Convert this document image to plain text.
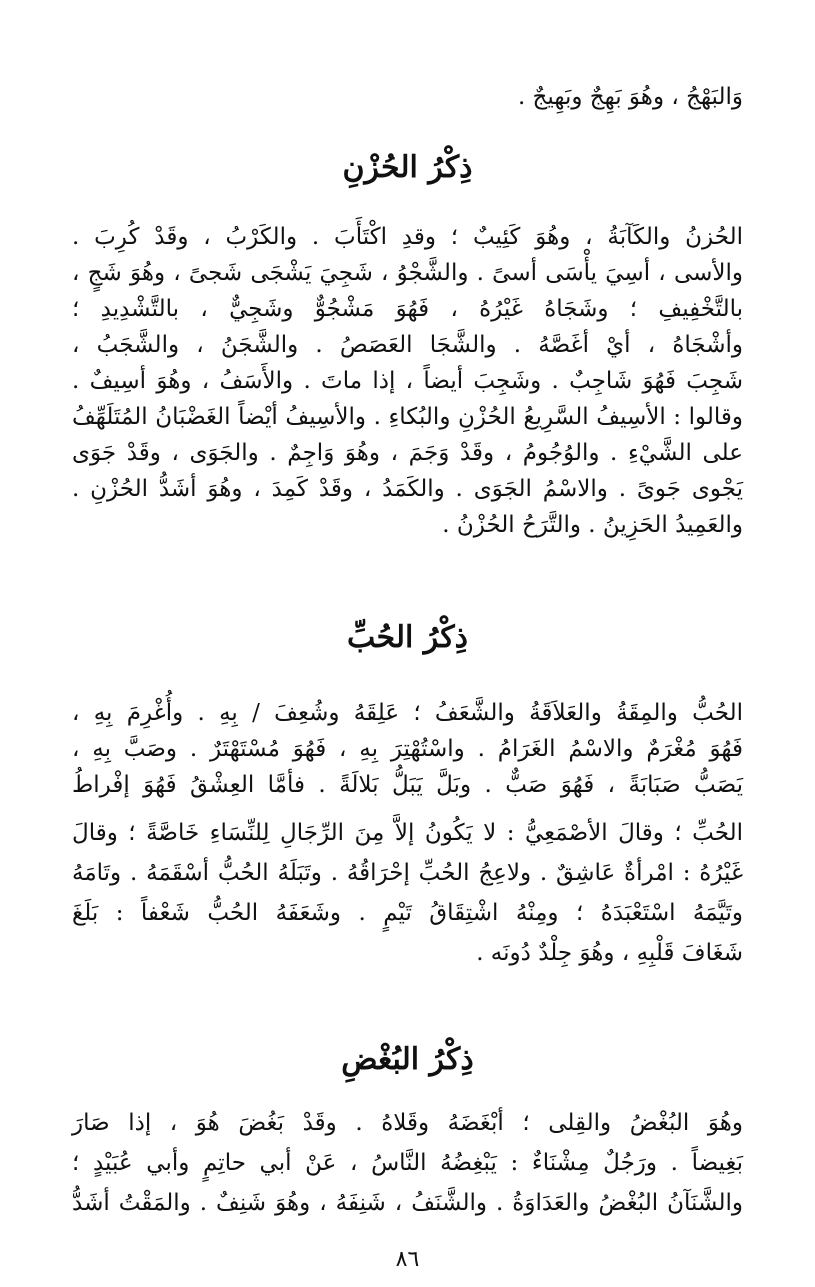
وَالبَهْجُ ، وهُوَ بَهِجٌ وبَهِيجٌ .
ذِكْرُ الحُزْنِ
الحُزنُ والكَآبَةُ ، وهُوَ كَئِيبٌ ؛ وقدِ اكْتَأَبَ . والكَرْبُ ، وقَدْ كُرِبَ .
والأسى ، أسِيَ يأْسَى أسىً . والشَّجْوُ ، شَجِيَ يَشْجَى شَجىً ، وهُوَ شَجٍ ،
بالتَّخْفِيفِ ؛ وشَجَاهُ غَيْرُهُ ، فَهُوَ مَشْجُوٌّ وشَجِيٌّ ، بالتَّشْدِيدِ ؛
وأشْجَاهُ ، أيْ أغَصَّهُ . والشَّجَا العَصَصُ . والشَّجَنُ ، والشَّجَبُ ،
شَجِبَ فَهُوَ شَاجِبٌ . وشَجِبَ أيضاً ، إذا ماتَ . والأَسَفُ ، وهُوَ أسِيفٌ .
وقالوا : الأسِيفُ السَّرِيعُ الحُزْنِ والبُكاءِ . والأسِيفُ أيْضاً الغَضْبَانُ المُتَلَهِّفُ
على الشَّيْءِ . والوُجُومُ ، وقَدْ وَجَمَ ، وهُوَ وَاجِمٌ . والجَوَى ، وقَدْ جَوَى
يَجْوى جَوىً . والاسْمُ الجَوَى . والكَمَدُ ، وقَدْ كَمِدَ ، وهُوَ أشَدُّ الحُزْنِ .
والعَمِيدُ الحَزِينُ . والتَّرَحُ الحُزْنُ .
ذِكْرُ الحُبِّ
الحُبُّ والمِقَةُ والعَلاَقَةُ والشَّعَفُ ؛ عَلِقَهُ وشُعِفَ / بِهِ . وأُغْرِمَ بِهِ ،
فَهُوَ مُغْرَمٌ والاسْمُ الغَرَامُ . واسْتُهْتِرَ بِهِ ، فَهُوَ مُسْتَهْتَرٌ . وصَبَّ بِهِ ،
يَصَبُّ صَبَابَةً ، فَهُوَ صَبٌّ . وبَلَّ يَبَلُّ بَلالَةً . فأمَّا العِشْقُ فَهُوَ إفْراطُ
الحُبِّ ؛ وقالَ الأصْمَعِيُّ : لا يَكُونُ إلاَّ مِنَ الرِّجَالِ لِلنِّسَاءِ خَاصَّةً ؛ وقالَ
غَيْرُهُ : امْرأةٌ عَاشِقٌ . ولاعِجُ الحُبِّ إحْرَاقُهُ . وتَبَلَهُ الحُبُّ أسْقَمَهُ . وتَامَهُ
وتَيَّمَهُ اسْتَعْبَدَهُ ؛ ومِنْهُ اشْتِقَاقُ تَيْمٍ . وشَعَفَهُ الحُبُّ شَعْفاً : بَلَغَ
شَغَافَ قَلْبِهِ ، وهُوَ جِلْدٌ دُونَه .
ذِكْرُ البُغْضِ
وهُوَ البُغْضُ والقِلى ؛ أبْغَضَهُ وقَلاهُ . وقَدْ بَغُضَ هُوَ ، إذا صَارَ
بَغِيضاً . ورَجُلٌ مِشْنَاءٌ : يَبْغِضُهُ النَّاسُ ، عَنْ أبي حاتِمٍ وأبي عُبَيْدٍ ؛
والشَّنَآنُ البُغْضُ والعَدَاوَةُ . والشَّنَفُ ، شَنِفَهُ ، وهُوَ شَنِفٌ . والمَقْتُ أشَدُّ
٨٦
